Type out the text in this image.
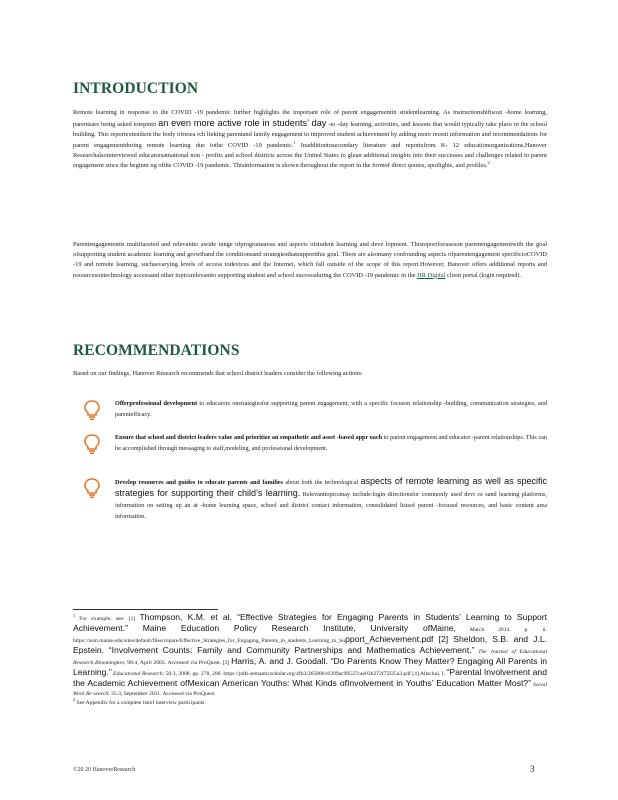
INTRODUCTION

Remote learning in response to the COVID -19 pandemic further highlights the important role of parent engagementin studentlearning. As instructionshiftsout -home learning, parentsare being asked totepinto an even more active role in students’ day -to -day learning, activities, and lessons that would typically take place in the school building. This reportextendson the body ofresea rch linking parentand family engagement to improved student achievement by adding more recent information and recommendations for parent engagementduring remote learning due tothe COVID -19 pandemic.$^1$ Inadditiontosecondary literature and reportsfrom K- 12 educationorganizations,Hanover Researchalsointerviewed educatorsatnational non - profits and school districts across the United States to glean additional insights into their successes and challenges related to parent engagement since the beginni ng ofthe COVID -19 pandemic. Thisinformation is shown throughout the report in the formof direct quotes, spotlights, and profiles.$^2$

Parentengagementis multifaceted and relevantto awide range ofprogramareas and aspects ofstudent learning and deve lopment. Thisreportfocuseson parentengagementwith the goal ofsupporting student academic learning and growthand the conditionsand strategiesthatsupportthis goal. There are alsomany confounding aspects ofparentengagement specifictoCOVID -19 and remote learning, suchasvarying levels of access todevices and the Internet, which fall outside of the scope of this report.However, Hanover offers additional reports and resourcesontechnology accessand other topicsrelevantto supporting student and school successduring the COVID -19 pandemic in the HR Digital client portal (login required).

RECOMMENDATIONS

Based on our findings, Hanover Research recommends that school district leaders consider the following actions:

Offerprofessional development to educators onstrategiesfor supporting parent engagement, with a specific focuson relationship -building, communication strategies, and parentefficacy.
Ensure that school and district leaders value and prioritize an empathetic and asset -based appr oach to parent engagement and educator -parent relationships. This can be accomplished through messaging to staff,modeling, and professional development.
Develop resources and guides to educate parents and families about both the technological aspects of remote learning as well as specific strategies for supporting their child’s learning. Relevanttopicsmay include:login directionsfor commonly used devi ce sand learning platforms, information on setting up an at -home learning space, school and district contact information, consolidated listsof parent -focused resources, and basic content area information.

$^1$ For example, see: [1] Thompson, K.M. et al. “Effective Strategies for Engaging Parents in Students’ Learning to Support Achievement.” Maine Education Policy Research Institute, University ofMaine, March 2014. p. ii. https://usm.maine.edu/sites/default/files/cepare/Effective_Strategies_for_Engaging_Parents_in_students_Learning_to_Support_Achievement.pdf [2] Sheldon, S.B. and J.L. Epstein. “Involvement Counts: Family and Community Partnerships and Mathematics Achievement.” The Journal of Educational Research,Bloomington; 98:4, April 2005. Accessed via ProQuest. [3] Harris, A. and J. Goodall. “Do Parents Know They Matter? Engaging All Parents in Learning.” Educational Research; 50:3, 2008. pp. 278, 286. https://pdfs.semanticscholar.org/4fb3/26588b16399ac99527cae03b272f75f25a3.pdf [4] Altschul, I. “Parental Involvement and the Academic Achievement ofMexican American Youths: What Kinds ofInvolvement in Youths’ Education Matter Most?” Social Work Re search; 35:3, September 2011. Accessed via ProQuest.

$^2$ See Appendix for a complete listof interview participants.

©20 20 HanoverResearch	3
